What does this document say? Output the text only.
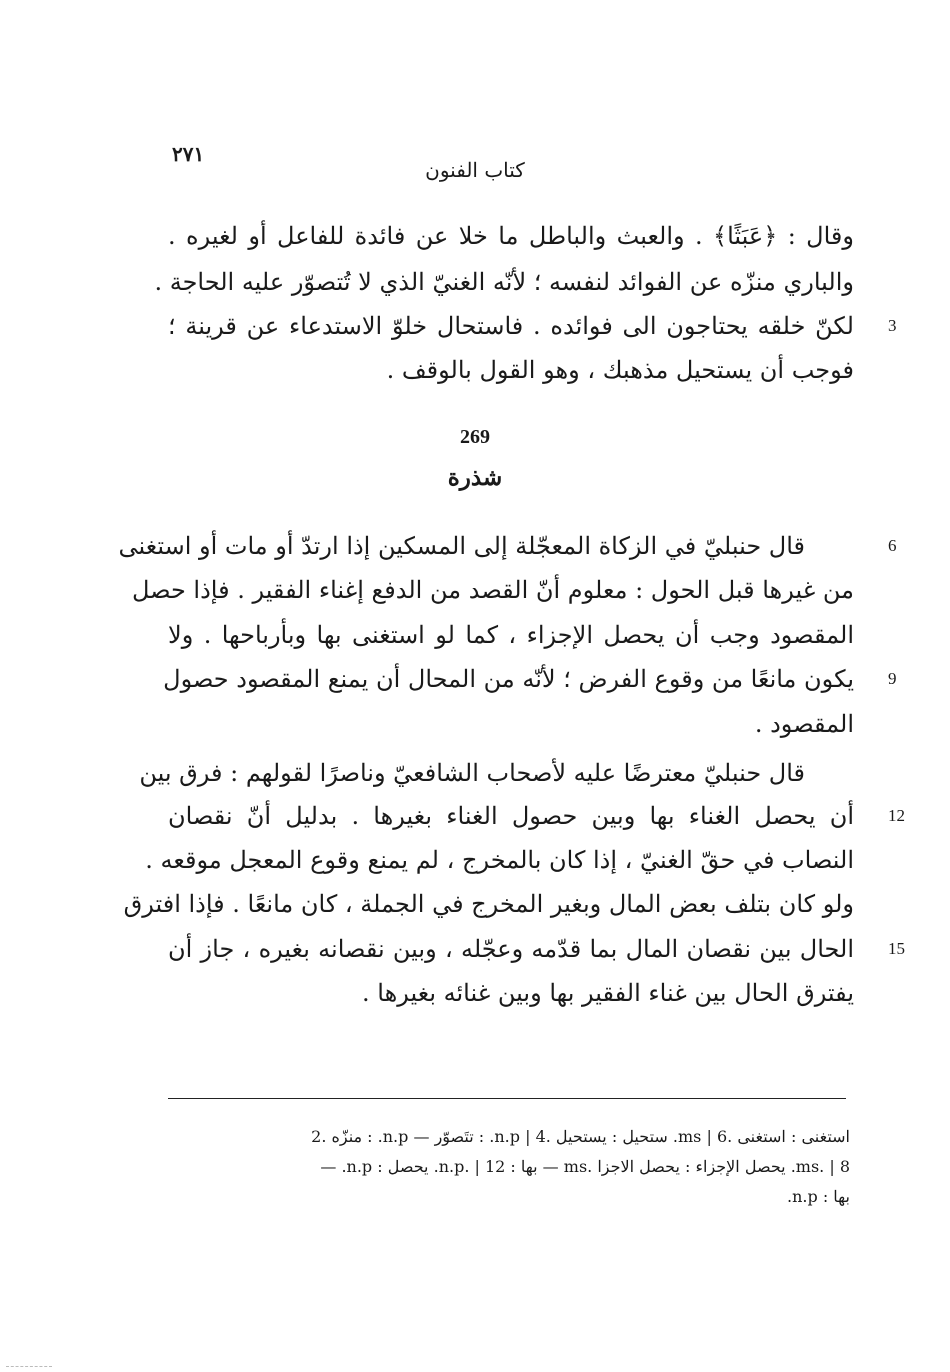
٢٧١
كتاب الفنون
وقال : ﴿عَبَثًا﴾ . والعبث والباطل ما خلا عن فائدة للفاعل أو لغيره .
والباري منزّه عن الفوائد لنفسه ؛ لأنّه الغنيّ الذي لا تُتصوّر عليه الحاجة .
لكنّ خلقه يحتاجون الى فوائده . فاستحال خلوّ الاستدعاء عن قرينة ؛ 3
فوجب أن يستحيل مذهبك ، وهو القول بالوقف .
269
شذرة
قال حنبليّ في الزكاة المعجّلة إلى المسكين إذا ارتدّ أو مات أو استغنى	6
من غيرها قبل الحول : معلوم أنّ القصد من الدفع إغناء الفقير . فإذا حصل
المقصود وجب أن يحصل الإجزاء ، كما لو استغنى بها وبأرباحها . ولا
يكون مانعًا من وقوع الفرض ؛ لأنّه من المحال أن يمنع المقصود حصول 9
المقصود .
قال حنبليّ معترضًا عليه لأصحاب الشافعيّ وناصرًا لقولهم : فرق بين
أن يحصل الغناء بها وبين حصول الغناء بغيرها . بدليل أنّ نقصان 12
النصاب في حقّ الغنيّ ، إذا كان بالمخرج ، لم يمنع وقوع المعجل موقعه .
ولو كان بتلف بعض المال وبغير المخرج في الجملة ، كان مانعًا . فإذا افترق
الحال بين نقصان المال بما قدّمه وعجّله ، وبين نقصانه بغيره ، جاز أن 15
يفترق الحال بين غناء الفقير بها وبين غنائه بغيرها .
استغنى : استغنى .6 | ms. ستحيل : يستحيل .4 | n.p. : تتَصوّر — n.p. : منزّه .2
ms. | 8. يحصل الإجزاء : يحصل الاجزا .ms — بها : n.p. | 12. يحصل : n.p. —
بها : n.p.
